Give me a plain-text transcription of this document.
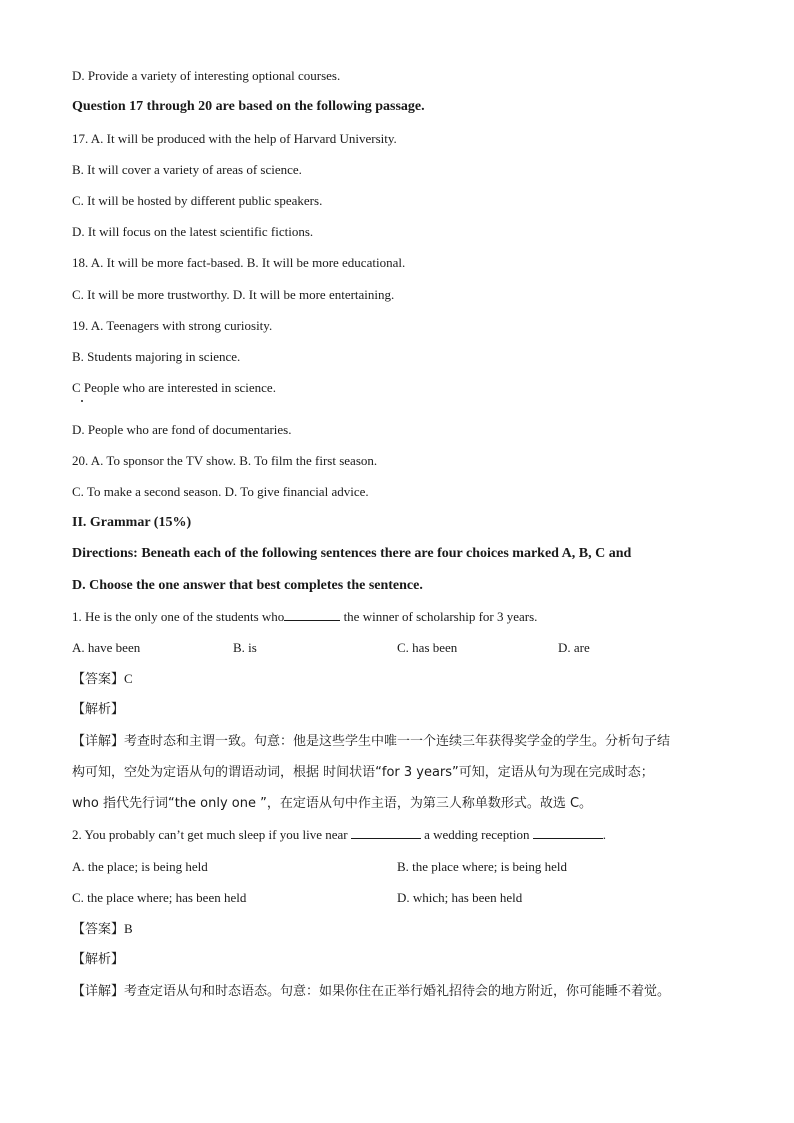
D. Provide a variety of interesting optional courses.
Question 17 through 20 are based on the following passage.
17. A. It will be produced with the help of Harvard University.
B. It will cover a variety of areas of science.
C. It will be hosted by different public speakers.
D. It will focus on the latest scientific fictions.
18. A. It will be more fact-based. B. It will be more educational.
C. It will be more trustworthy. D. It will be more entertaining.
19. A. Teenagers with strong curiosity.
B. Students majoring in science.
C People who are interested in science.
D. People who are fond of documentaries.
20. A. To sponsor the TV show. B. To film the first season.
C. To make a second season. D. To give financial advice.
II. Grammar (15%)
Directions: Beneath each of the following sentences there are four choices marked A, B, C and
D. Choose the one answer that best completes the sentence.
1. He is the only one of the students who	the winner of scholarship for 3 years.
A. have been	B. is	C. has been	D. are
【答案】C
【解析】
【详解】考查时态和主谓一致。句意：他是这些学生中唯一一个连续三年获得奖学金的学生。分析句子结
构可知，空处为定语从句的谓语动词，根据 时间状语“for 3 years”可知，定语从句为现在完成时态；
who 指代先行词“the only one ”，在定语从句中作主语，为第三人称单数形式。故选 C。
2. You probably can’t get much sleep if you live near	a wedding reception	.
A. the place; is being held	B. the place where; is being held
C. the place where; has been held	D. which; has been held
【答案】B
【解析】
【详解】考查定语从句和时态语态。句意：如果你住在正举行婚礼招待会的地方附近，你可能睡不着觉。
